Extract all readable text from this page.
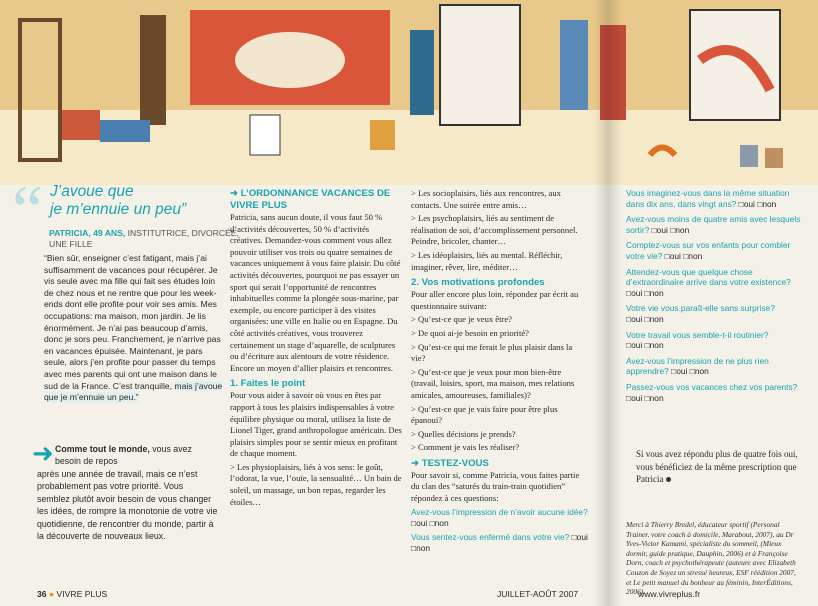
“ J’avoue que
je m’ennuie un peu”
PATRICIA, 49 ANS, INSTITUTRICE, DIVORCÉE, UNE FILLE
“Bien sûr, enseigner c’est fatigant, mais j’ai suffisamment de vacances pour récupérer. Je vis seule avec ma fille qui fait ses études loin de chez nous et ne rentre que pour les week-ends dont elle profite pour voir ses amis. Mes occupations: ma maison, mon jardin. Je lis énormément. Je n’ai pas beaucoup d’amis, donc je sors peu. Franchement, je n’arrive pas en vacances épuisée. Maintenant, je pars seule, alors j’en profite pour passer du temps avec mes parents qui ont une maison dans le sud de la France. C’est tranquille, mais j’avoue que je m’ennuie un peu.”
➜ Comme tout le monde, vous avez besoin de repos
après une année de travail, mais ce n’est probablement pas votre priorité. Vous semblez plutôt avoir besoin de vous changer les idées, de rompre la monotonie de votre vie quotidienne, de rencontrer du monde, partir à la découverte de nouveaux lieux.
➜ L’ORDONNANCE VACANCES DE VIVRE PLUS

Patricia, sans aucun doute, il vous faut 50 % d’activités découvertes, 50 % d’activités créatives. Demandez-vous comment vous allez pouvoir utiliser vos trois ou quatre semaines de vacances uniquement à vous faire plaisir. Du côté activités découvertes, pourquoi ne pas essayer un sport qui serait l’opportunité de rencontres inhabituelles comme la plongée sous-marine, par exemple, ou encore participer à des visites organisées: une ville en Italie ou en Espagne. Du côté activités créatives, vous trouverez certainement un stage d’aquarelle, de sculptures ou d’écriture aux alentours de votre résidence. Encore un moyen d’allier plaisirs et rencontres.

1. Faites le point

Pour vous aider à savoir où vous en êtes par rapport à tous les plaisirs indispensables à votre équilibre physique ou moral, utilisez la liste de Lionel Tiger, grand anthropologue américain. Des plaisirs simples pour se sentir mieux en profitant de chaque moment.

> Les physioplaisirs, liés à vos sens: le goût, l’odorat, la vue, l’ouïe, la sensualité… Un bain de soleil, un massage, un bon repas, regarder les étoiles…

> Les socioplaisirs, liés aux rencontres, aux contacts. Une soirée entre amis…

> Les psychoplaisirs, liés au sentiment de réalisation de soi, d’accomplissement personnel. Peindre, bricoler, chanter…

> Les idéoplaisirs, liés au mental. Réfléchir, imaginer, rêver, lire, méditer…

2. Vos motivations profondes

Pour aller encore plus loin, répondez par écrit au questionnaire suivant:

> Qu’est-ce que je veux être?

> De quoi ai-je besoin en priorité?

> Qu’est-ce qui me ferait le plus plaisir dans la vie?

> Qu’est-ce que je veux pour mon bien-être (travail, loisirs, sport, ma maison, mes relations amicales, amoureuses, familiales)?

> Qu’est-ce que je vais faire pour être plus épanoui?

> Quelles décisions je prends?

> Comment je vais les réaliser?

➜ TESTEZ-VOUS

Pour savoir si, comme Patricia, vous faites partie du clan des “saturés du train-train quotidien” répondez à ces questions:

Avez-vous l’impression de n’avoir aucune idée? □oui □non
Vous sentez-vous enfermé dans votre vie? □oui □non
Vous imaginez-vous dans la même situation dans dix ans, dans vingt ans? □oui □non
Avez-vous moins de quatre amis avec lesquels sortir? □oui □non
Comptez-vous sur vos enfants pour combler votre vie? □oui □non
Attendez-vous que quelque chose d’extraordinaire arrive dans votre existence? □oui □non
Votre vie vous paraît-elle sans surprise? □oui □non
Votre travail vous semble-t-il routinier? □oui □non
Avez-vous l’impression de ne plus rien apprendre? □oui □non
Passez-vous vos vacances chez vos parents? □oui □non
Si vous avez répondu plus de quatre fois oui, vous bénéficiez de la même prescription que Patricia
Merci à Thierry Bredel, éducateur sportif (Personal Trainer, votre coach à domicile, Marabout, 2007), au Dr Yves-Victor Kamami, spécialiste du sommeil, (Mieux dormir, guide pratique, Dauphin, 2006) et à Françoise Dorn, coach et psychothérapeute (auteure avec Elizabeth Couzon de Soyez un stressé heureux, ESF réédition 2007, et Le petit manuel du bonheur au féminin, InterÉditions, 2006).
36 ● VIVRE PLUS	JUILLET-AOÛT 2007	www.vivreplus.fr
